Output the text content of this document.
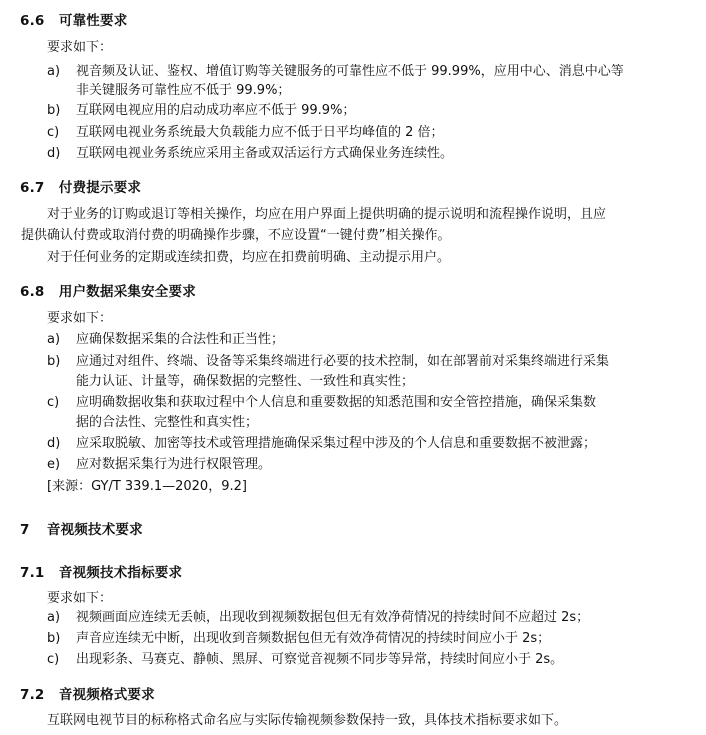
6.6 可靠性要求
要求如下：
a) 视音频及认证、鉴权、增值订购等关键服务的可靠性应不低于 99.99%，应用中心、消息中心等
非关键服务可靠性应不低于 99.9%；
b) 互联网电视应用的启动成功率应不低于 99.9%；
c) 互联网电视业务系统最大负载能力应不低于日平均峰值的 2 倍；
d) 互联网电视业务系统应采用主备或双活运行方式确保业务连续性。
6.7 付费提示要求
对于业务的订购或退订等相关操作，均应在用户界面上提供明确的提示说明和流程操作说明，且应
提供确认付费或取消付费的明确操作步骤，不应设置“一键付费”相关操作。
对于任何业务的定期或连续扣费，均应在扣费前明确、主动提示用户。
6.8 用户数据采集安全要求
要求如下：
a) 应确保数据采集的合法性和正当性；
b) 应通过对组件、终端、设备等采集终端进行必要的技术控制，如在部署前对采集终端进行采集
能力认证、计量等，确保数据的完整性、一致性和真实性；
c) 应明确数据收集和获取过程中个人信息和重要数据的知悉范围和安全管控措施，确保采集数
据的合法性、完整性和真实性；
d) 应采取脱敏、加密等技术或管理措施确保采集过程中涉及的个人信息和重要数据不被泄露；
e) 应对数据采集行为进行权限管理。
[来源：GY/T 339.1—2020，9.2]
7 音视频技术要求
7.1 音视频技术指标要求
要求如下：
a) 视频画面应连续无丢帧，出现收到视频数据包但无有效净荷情况的持续时间不应超过 2s；
b) 声音应连续无中断，出现收到音频数据包但无有效净荷情况的持续时间应小于 2s；
c) 出现彩条、马赛克、静帧、黑屏、可察觉音视频不同步等异常，持续时间应小于 2s。
7.2 音视频格式要求
互联网电视节目的标称格式命名应与实际传输视频参数保持一致，具体技术指标要求如下。
